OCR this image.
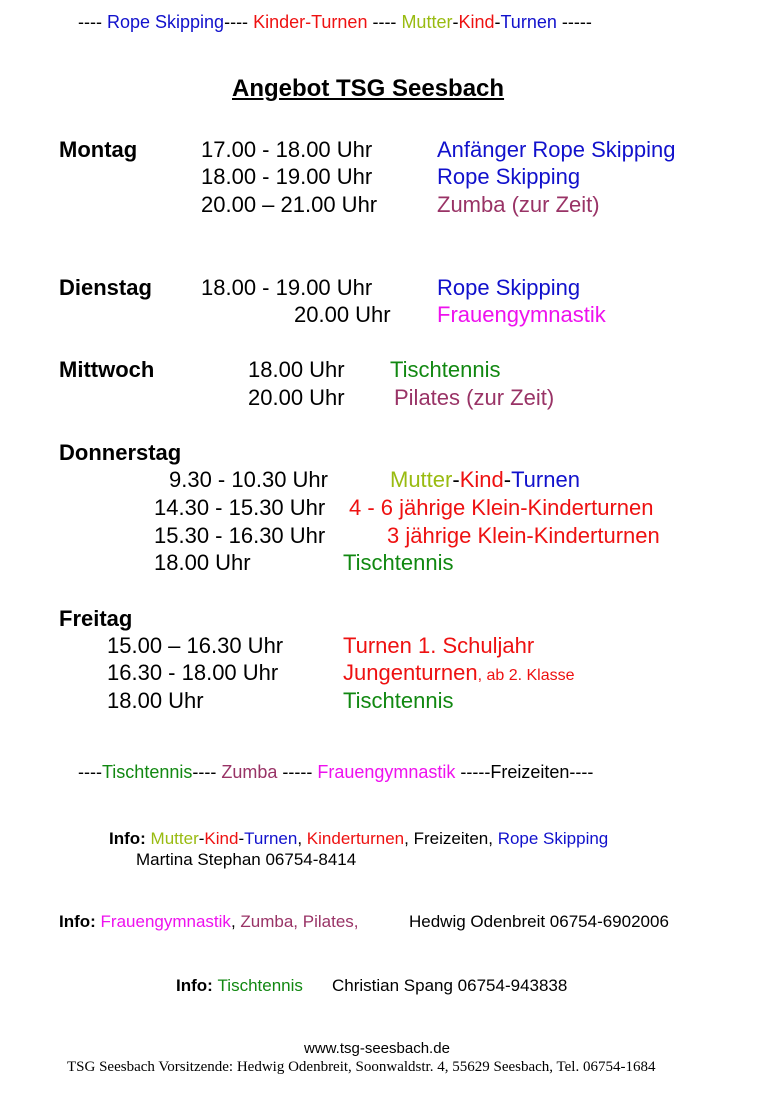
---- Rope Skipping---- Kinder-Turnen ---- Mutter-Kind-Turnen -----
Angebot TSG Seesbach
Montag	17.00 - 18.00 Uhr	Anfänger Rope Skipping
18.00 - 19.00 Uhr	Rope Skipping
20.00 – 21.00 Uhr	Zumba (zur Zeit)
Dienstag 18.00 - 19.00 Uhr	Rope Skipping
20.00 Uhr Frauengymnastik
Mittwoch	18.00 Uhr Tischtennis
20.00 Uhr Pilates (zur Zeit)
Donnerstag
9.30 - 10.30 Uhr	Mutter-Kind-Turnen
14.30 - 15.30 Uhr 4 - 6 jährige Klein-Kinderturnen
15.30 - 16.30 Uhr	3 jährige Klein-Kinderturnen
18.00 Uhr	Tischtennis
Freitag
15.00 – 16.30 Uhr	Turnen 1. Schuljahr
16.30 - 18.00 Uhr	Jungenturnen, ab 2. Klasse
18.00 Uhr	Tischtennis
----Tischtennis---- Zumba ----- Frauengymnastik -----Freizeiten----
Info: Mutter-Kind-Turnen, Kinderturnen, Freizeiten, Rope Skipping
Martina Stephan 06754-8414
Info: Frauengymnastik, Zumba, Pilates,	Hedwig Odenbreit 06754-6902006
Info: Tischtennis Christian Spang 06754-943838
www.tsg-seesbach.de
TSG Seesbach Vorsitzende: Hedwig Odenbreit, Soonwaldstr. 4, 55629 Seesbach, Tel. 06754-1684
